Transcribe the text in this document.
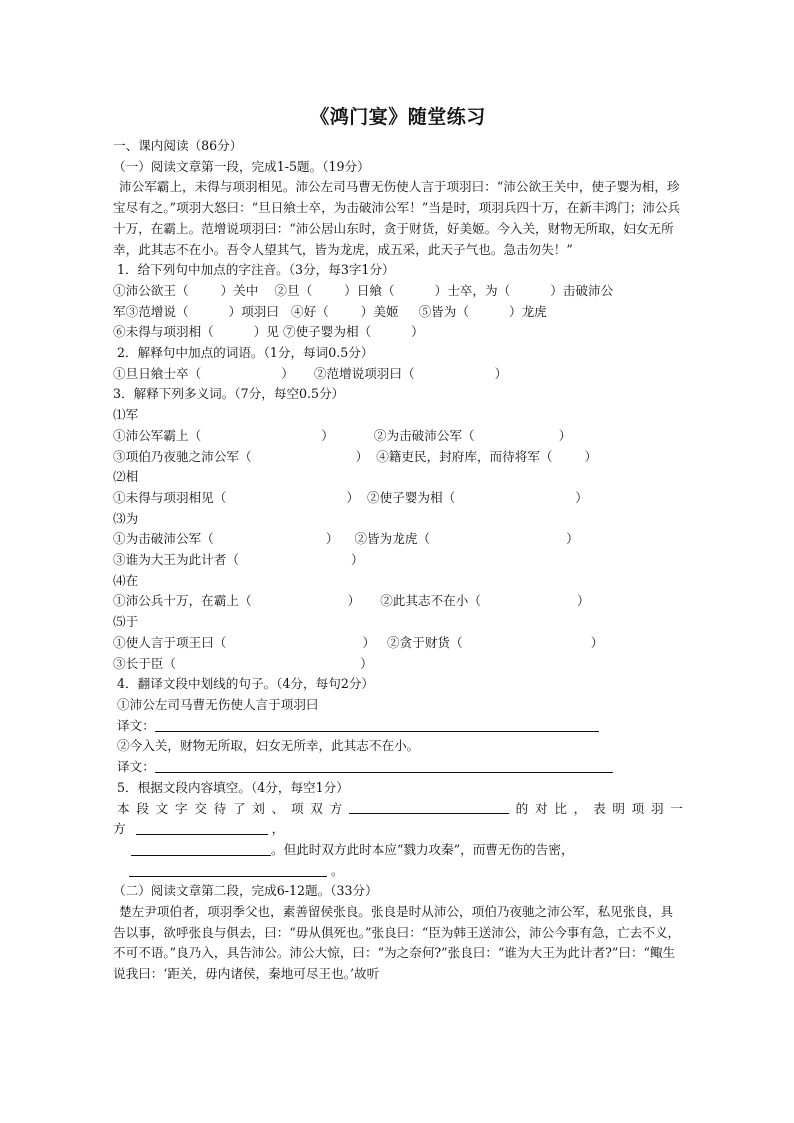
《鸿门宴》随堂练习
一、课内阅读（86分）
（一）阅读文章第一段，完成1-5题。（19分）
沛公军霸上，未得与项羽相见。沛公左司马曹无伤使人言于项羽曰：“沛公欲王关中，使子婴为相，珍宝尽有之。”项羽大怒曰：“旦日飨士卒，为击破沛公军！”当是时，项羽兵四十万，在新丰鸿门；沛公兵十万，在霸上。范增说项羽曰：“沛公居山东时，贪于财货，好美姬。今入关，财物无所取，妇女无所幸，此其志不在小。吾令人望其气，皆为龙虎，成五采，此天子气也。急击勿失！”
1．给下列句中加点的字注音。（3分，每3字1分）
①沛公欲王（        ）关中    ②旦（        ）日飨（          ）士卒，为（          ）击破沛公
军③范增说（          ）项羽曰   ④好（        ）美姬     ⑤皆为（          ）龙虎
⑥未得与项羽相（          ）见 ⑦使子婴为相（          ）
2．解释句中加点的词语。（1分，每词0.5分）
①旦日飨士卒（                    ）     ②范增说项羽曰（                    ）
3．解释下列多义词。（7分，每空0.5分）
⑴军
①沛公军霸上（                              ）          ②为击破沛公军（                     ）
③项伯乃夜驰之沛公军（                          ）  ④籍吏民，封府库，而待将军（        ）
⑵相
①未得与项羽相见（                              ）  ②使子婴为相（                              ）
⑶为
①为击破沛公军（                            ）    ②皆为龙虎（                                  ）
③谁为大王为此计者（                            ）
⑷在
①沛公兵十万，在霸上（                        ）     ②此其志不在小（                        ）
⑸于
①使人言于项王曰（                                  ）   ②贪于财货（                                ）
③长于臣（                                              ）
4．翻译文段中划线的句子。（4分，每句2分）
①沛公左司马曹无伤使人言于项羽曰
译文：
②今入关，财物无所取，妇女无所幸，此其志不在小。
译文：
5．根据文段内容填空。（4分，每空1分）
本 段 文 字 交 待 了 刘 、 项 双 方	的 对 比 ， 表 明 项 羽 一
方	，
。但此时双方此时本应“戮力攻秦”，而曹无伤的告密，
。
（二）阅读文章第二段，完成6-12题。（33分）
楚左尹项伯者，项羽季父也，素善留侯张良。张良是时从沛公，项伯乃夜驰之沛公军，私见张良，具告以事，欲呼张良与俱去，曰：“毋从俱死也。”张良曰：“臣为韩王送沛公，沛公今事有急，亡去不义，不可不语。”良乃入，具告沛公。沛公大惊，曰：“为之奈何?”张良曰：“谁为大王为此计者?”曰：“鲰生说我曰：‘距关，毋内诸侯，秦地可尽王也。’故听
